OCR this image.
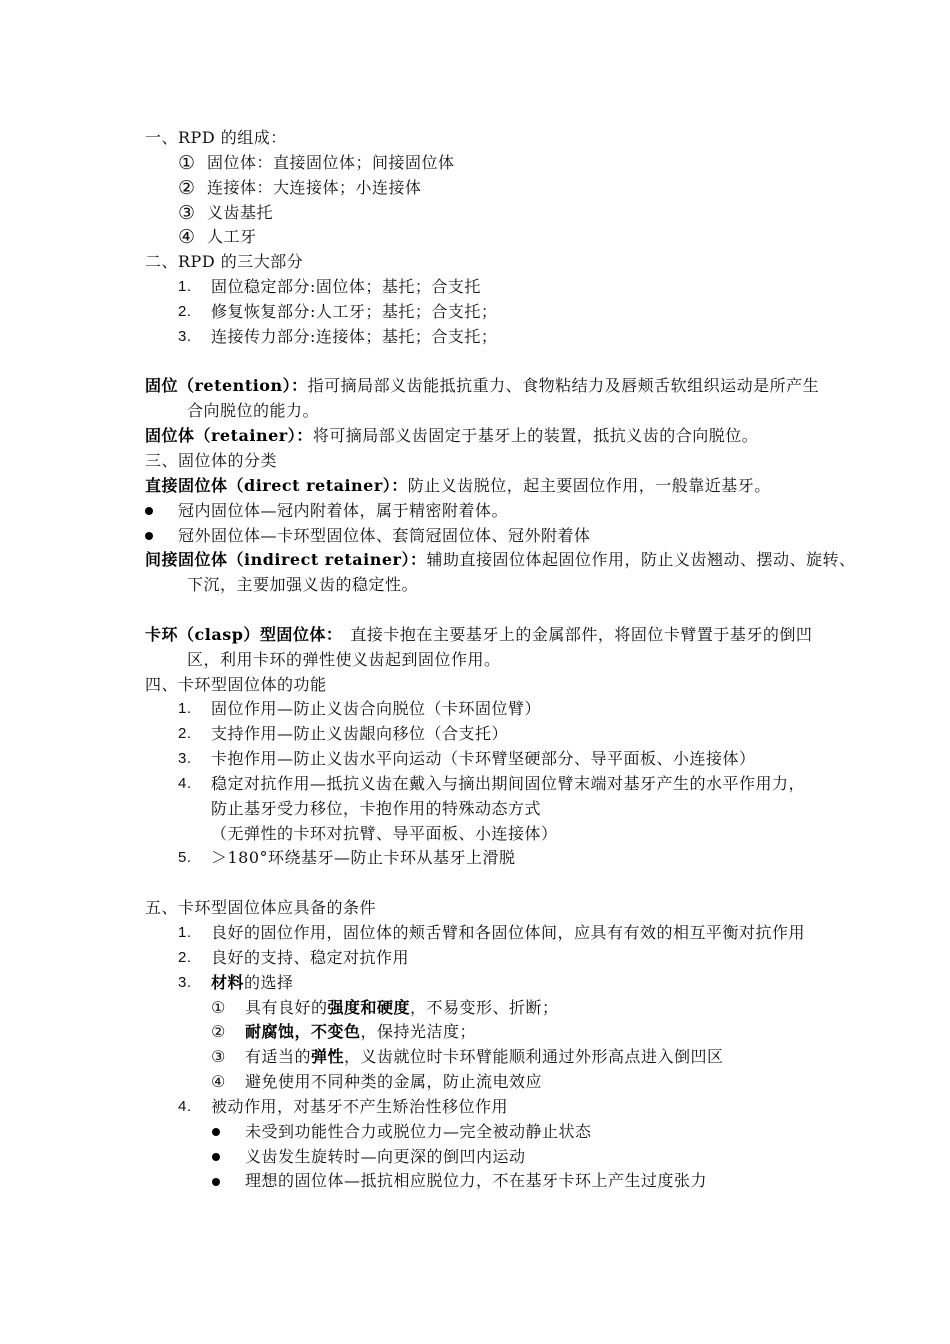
一、RPD 的组成：
① 固位体：直接固位体；间接固位体
② 连接体：大连接体；小连接体
③ 义齿基托
④ 人工牙
二、RPD 的三大部分
1. 固位稳定部分:固位体；基托；合支托
2. 修复恢复部分:人工牙；基托；合支托；
3. 连接传力部分:连接体；基托；合支托；
固位（retention）：指可摘局部义齿能抵抗重力、食物粘结力及唇颊舌软组织运动是所产生
合向脱位的能力。
固位体（retainer）：将可摘局部义齿固定于基牙上的装置，抵抗义齿的合向脱位。
三、固位体的分类
直接固位体（direct retainer）：防止义齿脱位，起主要固位作用，一般靠近基牙。
冠内固位体—冠内附着体，属于精密附着体。
冠外固位体—卡环型固位体、套筒冠固位体、冠外附着体
间接固位体（indirect retainer）：辅助直接固位体起固位作用，防止义齿翘动、摆动、旋转、
下沉，主要加强义齿的稳定性。
卡环（clasp）型固位体： 直接卡抱在主要基牙上的金属部件，将固位卡臂置于基牙的倒凹
区，利用卡环的弹性使义齿起到固位作用。
四、卡环型固位体的功能
1. 固位作用—防止义齿合向脱位（卡环固位臂）
2. 支持作用—防止义齿龈向移位（合支托）
3. 卡抱作用—防止义齿水平向运动（卡环臂坚硬部分、导平面板、小连接体）
4. 稳定对抗作用—抵抗义齿在戴入与摘出期间固位臂末端对基牙产生的水平作用力，
防止基牙受力移位，卡抱作用的特殊动态方式
（无弹性的卡环对抗臂、导平面板、小连接体）
5. ＞180°环绕基牙—防止卡环从基牙上滑脱
五、卡环型固位体应具备的条件
1. 良好的固位作用，固位体的颊舌臂和各固位体间，应具有有效的相互平衡对抗作用
2. 良好的支持、稳定对抗作用
3. 材料的选择
① 具有良好的强度和硬度，不易变形、折断；
② 耐腐蚀，不变色，保持光洁度；
③ 有适当的弹性，义齿就位时卡环臂能顺利通过外形高点进入倒凹区
④ 避免使用不同种类的金属，防止流电效应
4. 被动作用，对基牙不产生矫治性移位作用
未受到功能性合力或脱位力—完全被动静止状态
义齿发生旋转时—向更深的倒凹内运动
理想的固位体—抵抗相应脱位力，不在基牙卡环上产生过度张力
